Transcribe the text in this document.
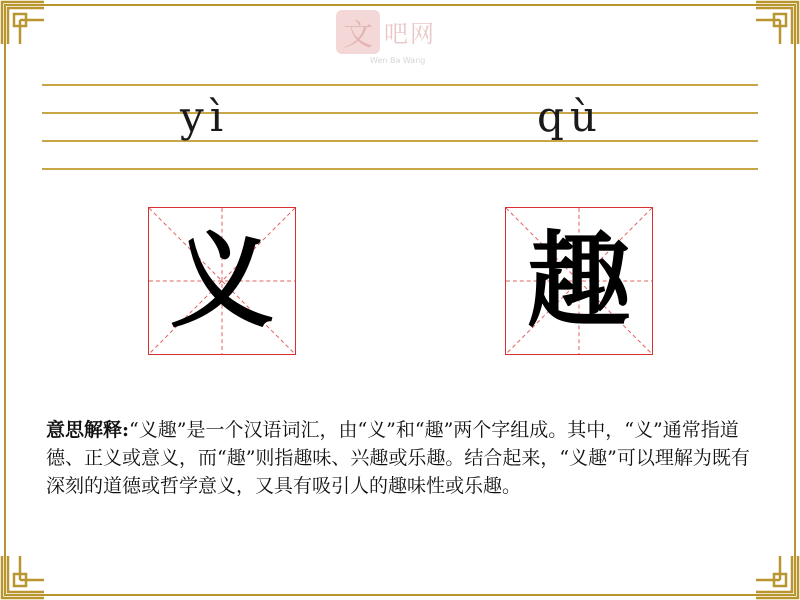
文 吧网
Wen Ba Wang
yì	qù
义 趣
意思解释:“义趣”是一个汉语词汇，由“义”和“趣”两个字组成。其中，“义”通常指道德、正义或意义，而“趣”则指趣味、兴趣或乐趣。结合起来，“义趣”可以理解为既有深刻的道德或哲学意义，又具有吸引人的趣味性或乐趣。
